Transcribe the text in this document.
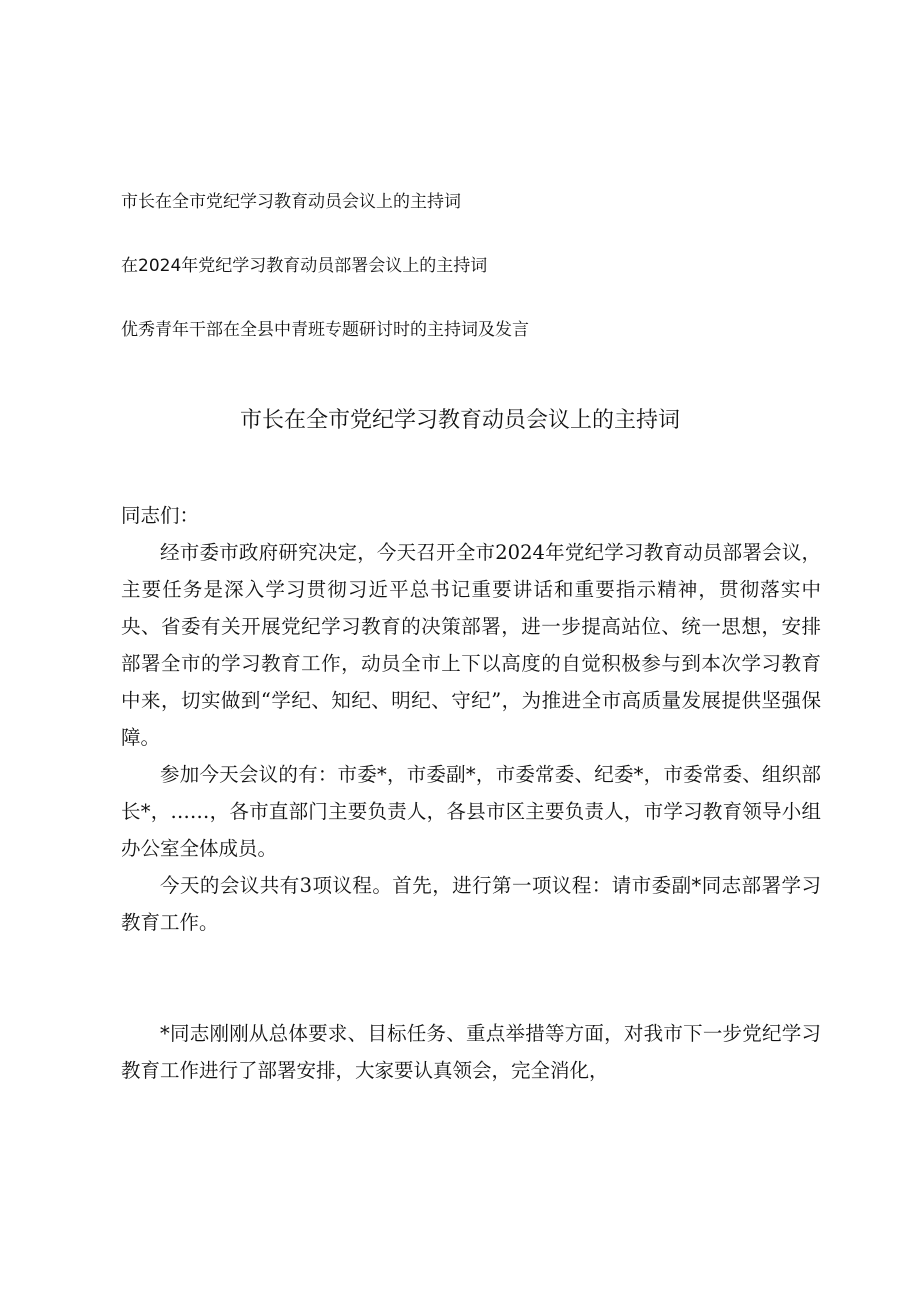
市长在全市党纪学习教育动员会议上的主持词
在2024年党纪学习教育动员部署会议上的主持词
优秀青年干部在全县中青班专题研讨时的主持词及发言
市长在全市党纪学习教育动员会议上的主持词

同志们：

经市委市政府研究决定，今天召开全市2024年党纪学习教育动员部署会议，主要任务是深入学习贯彻习近平总书记重要讲话和重要指示精神，贯彻落实中央、省委有关开展党纪学习教育的决策部署，进一步提高站位、统一思想，安排部署全市的学习教育工作，动员全市上下以高度的自觉积极参与到本次学习教育中来，切实做到“学纪、知纪、明纪、守纪”，为推进全市高质量发展提供坚强保障。

参加今天会议的有：市委*，市委副*，市委常委、纪委*，市委常委、组织部长*，……，各市直部门主要负责人，各县市区主要负责人，市学习教育领导小组办公室全体成员。

今天的会议共有3项议程。首先，进行第一项议程：请市委副*同志部署学习教育工作。

*同志刚刚从总体要求、目标任务、重点举措等方面，对我市下一步党纪学习教育工作进行了部署安排，大家要认真领会，完全消化，
